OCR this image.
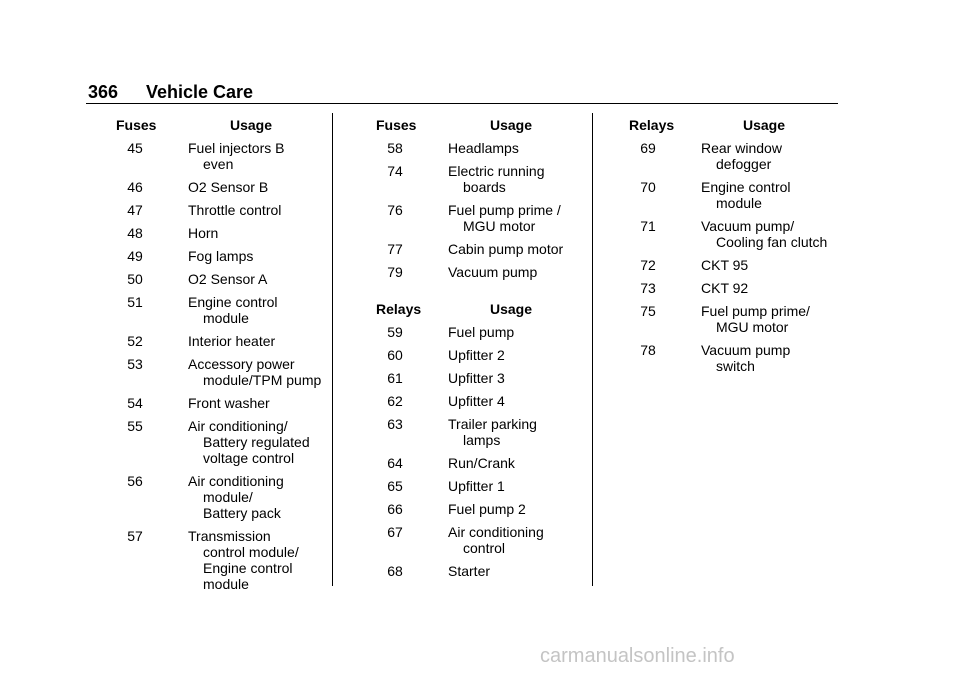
366 Vehicle Care
Fuses	Usage
45	Fuel injectors B
even
46	O2 Sensor B
47	Throttle control
48	Horn
49	Fog lamps
50	O2 Sensor A
51	Engine control
module
52	Interior heater
53	Accessory power
module/TPM pump
54	Front washer
55	Air conditioning/
Battery regulated
voltage control
56	Air conditioning
module/
Battery pack
57	Transmission
control module/
Engine control
module
Fuses	Usage
58	Headlamps
74	Electric running
boards
76	Fuel pump prime /
MGU motor
77	Cabin pump motor
79	Vacuum pump
Relays	Usage
59	Fuel pump
60	Upfitter 2
61	Upfitter 3
62	Upfitter 4
63	Trailer parking
lamps
64	Run/Crank
65	Upfitter 1
66	Fuel pump 2
67	Air conditioning
control
68	Starter
Relays	Usage
69	Rear window
defogger
70	Engine control
module
71	Vacuum pump/
Cooling fan clutch
72	CKT 95
73	CKT 92
75	Fuel pump prime/
MGU motor
78	Vacuum pump
switch
carmanualsonline.info
